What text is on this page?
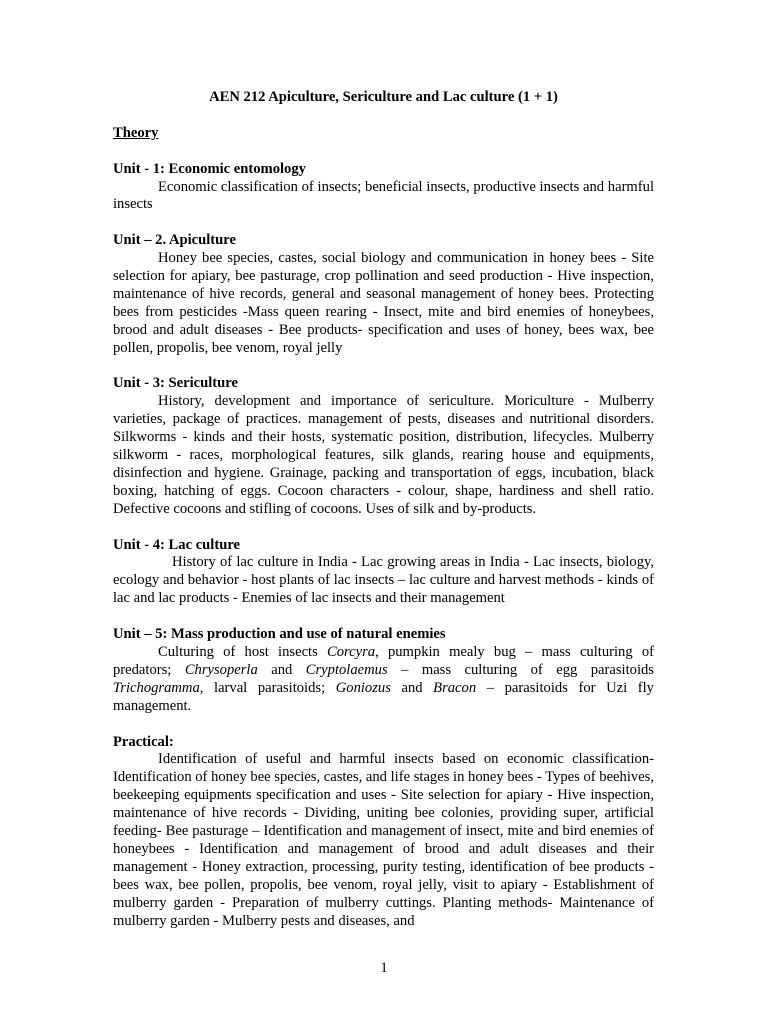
AEN 212 Apiculture, Sericulture and Lac culture (1 + 1)
Theory
Unit - 1: Economic entomology
Economic classification of insects; beneficial insects, productive insects and harmful insects
Unit – 2. Apiculture
Honey bee species, castes, social biology and communication in honey bees - Site selection for apiary, bee pasturage, crop pollination and seed production - Hive inspection, maintenance of hive records, general and seasonal management of honey bees. Protecting bees from pesticides -Mass queen rearing - Insect, mite and bird enemies of honeybees, brood and adult diseases - Bee products- specification and uses of honey, bees wax, bee pollen, propolis, bee venom, royal jelly
Unit - 3: Sericulture
History, development and importance of sericulture. Moriculture - Mulberry varieties, package of practices. management of pests, diseases and nutritional disorders. Silkworms - kinds and their hosts, systematic position, distribution, lifecycles. Mulberry silkworm - races, morphological features, silk glands, rearing house and equipments, disinfection and hygiene. Grainage, packing and transportation of eggs, incubation, black boxing, hatching of eggs. Cocoon characters - colour, shape, hardiness and shell ratio. Defective cocoons and stifling of cocoons. Uses of silk and by-products.
Unit - 4: Lac culture
History of lac culture in India - Lac growing areas in India - Lac insects, biology, ecology and behavior - host plants of lac insects – lac culture and harvest methods - kinds of lac and lac products - Enemies of lac insects and their management
Unit – 5: Mass production and use of natural enemies
Culturing of host insects Corcyra, pumpkin mealy bug – mass culturing of predators; Chrysoperla and Cryptolaemus – mass culturing of egg parasitoids Trichogramma, larval parasitoids; Goniozus and Bracon – parasitoids for Uzi fly management.
Practical:
Identification of useful and harmful insects based on economic classification- Identification of honey bee species, castes, and life stages in honey bees - Types of beehives, beekeeping equipments specification and uses - Site selection for apiary - Hive inspection, maintenance of hive records - Dividing, uniting bee colonies, providing super, artificial feeding- Bee pasturage – Identification and management of insect, mite and bird enemies of honeybees - Identification and management of brood and adult diseases and their management - Honey extraction, processing, purity testing, identification of bee products - bees wax, bee pollen, propolis, bee venom, royal jelly, visit to apiary - Establishment of mulberry garden - Preparation of mulberry cuttings. Planting methods- Maintenance of mulberry garden - Mulberry pests and diseases, and
1
